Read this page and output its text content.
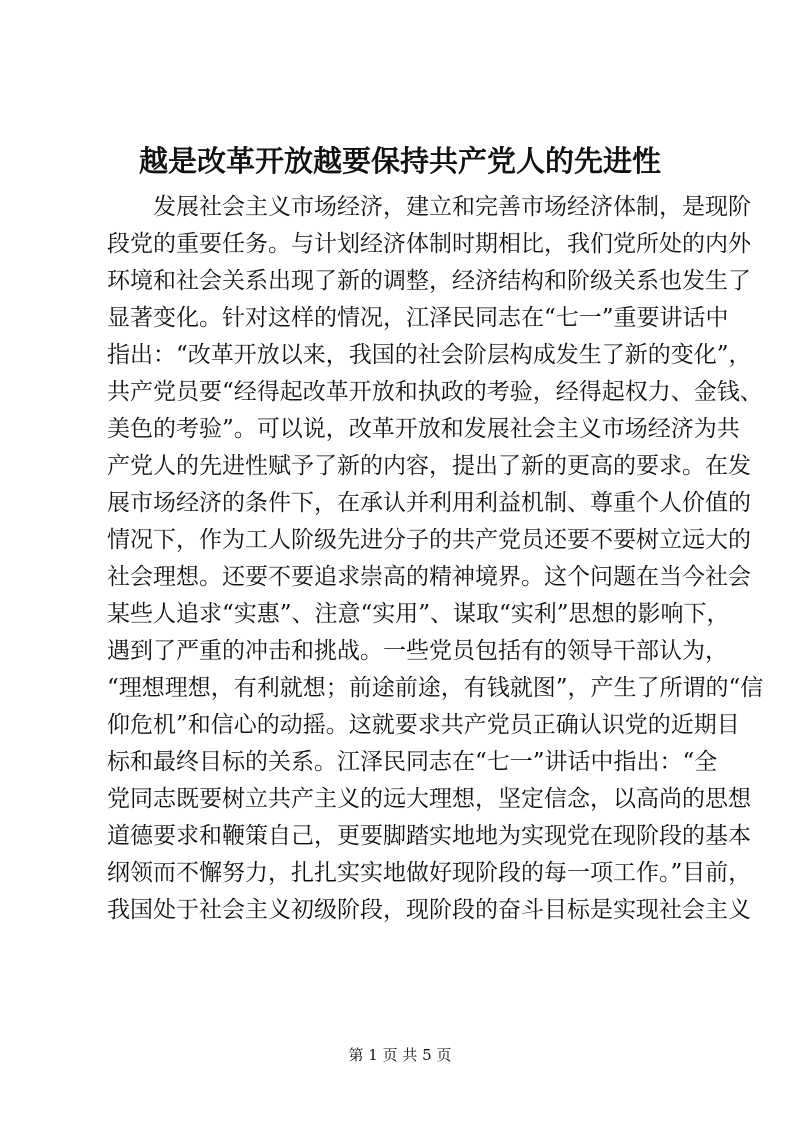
越是改革开放越要保持共产党人的先进性
发展社会主义市场经济，建立和完善市场经济体制，是现阶
段党的重要任务。与计划经济体制时期相比，我们党所处的内外
环境和社会关系出现了新的调整，经济结构和阶级关系也发生了
显著变化。针对这样的情况，江泽民同志在“七一”重要讲话中
指出：“改革开放以来，我国的社会阶层构成发生了新的变化”，
共产党员要“经得起改革开放和执政的考验，经得起权力、金钱、
美色的考验”。可以说，改革开放和发展社会主义市场经济为共
产党人的先进性赋予了新的内容，提出了新的更高的要求。在发
展市场经济的条件下，在承认并利用利益机制、尊重个人价值的
情况下，作为工人阶级先进分子的共产党员还要不要树立远大的
社会理想。还要不要追求崇高的精神境界。这个问题在当今社会
某些人追求“实惠”、注意“实用”、谋取“实利”思想的影响下，
遇到了严重的冲击和挑战。一些党员包括有的领导干部认为，
“理想理想，有利就想；前途前途，有钱就图”，产生了所谓的“信
仰危机”和信心的动摇。这就要求共产党员正确认识党的近期目
标和最终目标的关系。江泽民同志在“七一”讲话中指出：“全
党同志既要树立共产主义的远大理想，坚定信念，以高尚的思想
道德要求和鞭策自己，更要脚踏实地地为实现党在现阶段的基本
纲领而不懈努力，扎扎实实地做好现阶段的每一项工作。”目前，
我国处于社会主义初级阶段，现阶段的奋斗目标是实现社会主义
第 1 页 共 5 页
